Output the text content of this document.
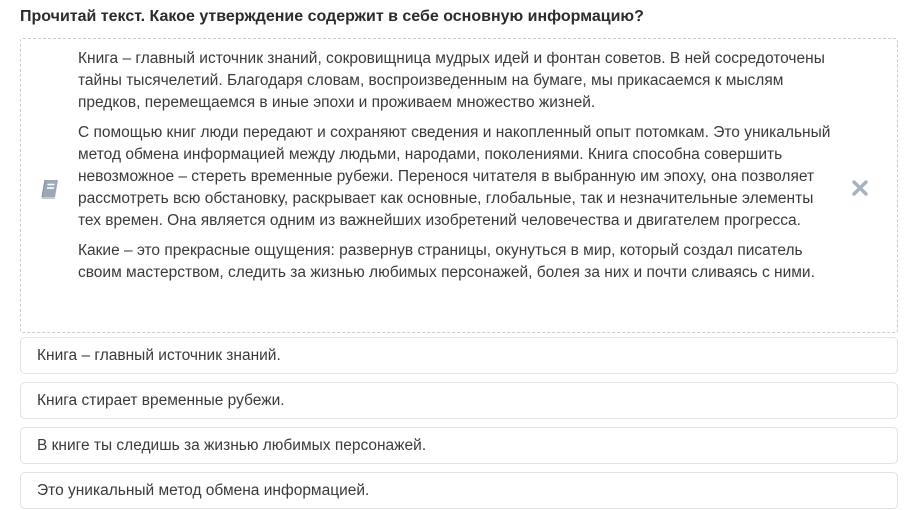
Прочитай текст. Какое утверждение содержит в себе основную информацию?

Книга – главный источник знаний, сокровищница мудрых идей и фонтан советов. В ней сосредоточены тайны тысячелетий. Благодаря словам, воспроизведенным на бумаге, мы прикасаемся к мыслям предков, перемещаемся в иные эпохи и проживаем множество жизней.

С помощью книг люди передают и сохраняют сведения и накопленный опыт потомкам. Это уникальный метод обмена информацией между людьми, народами, поколениями. Книга способна совершить невозможное – стереть временные рубежи. Перенося читателя в выбранную им эпоху, она позволяет рассмотреть всю обстановку, раскрывает как основные, глобальные, так и незначительные элементы тех времен. Она является одним из важнейших изобретений человечества и двигателем прогресса.

Какие – это прекрасные ощущения: развернув страницы, окунуться в мир, который создал писатель своим мастерством, следить за жизнью любимых персонажей, болея за них и почти сливаясь с ними.

Книга – главный источник знаний.
Книга стирает временные рубежи.
В книге ты следишь за жизнью любимых персонажей.
Это уникальный метод обмена информацией.
